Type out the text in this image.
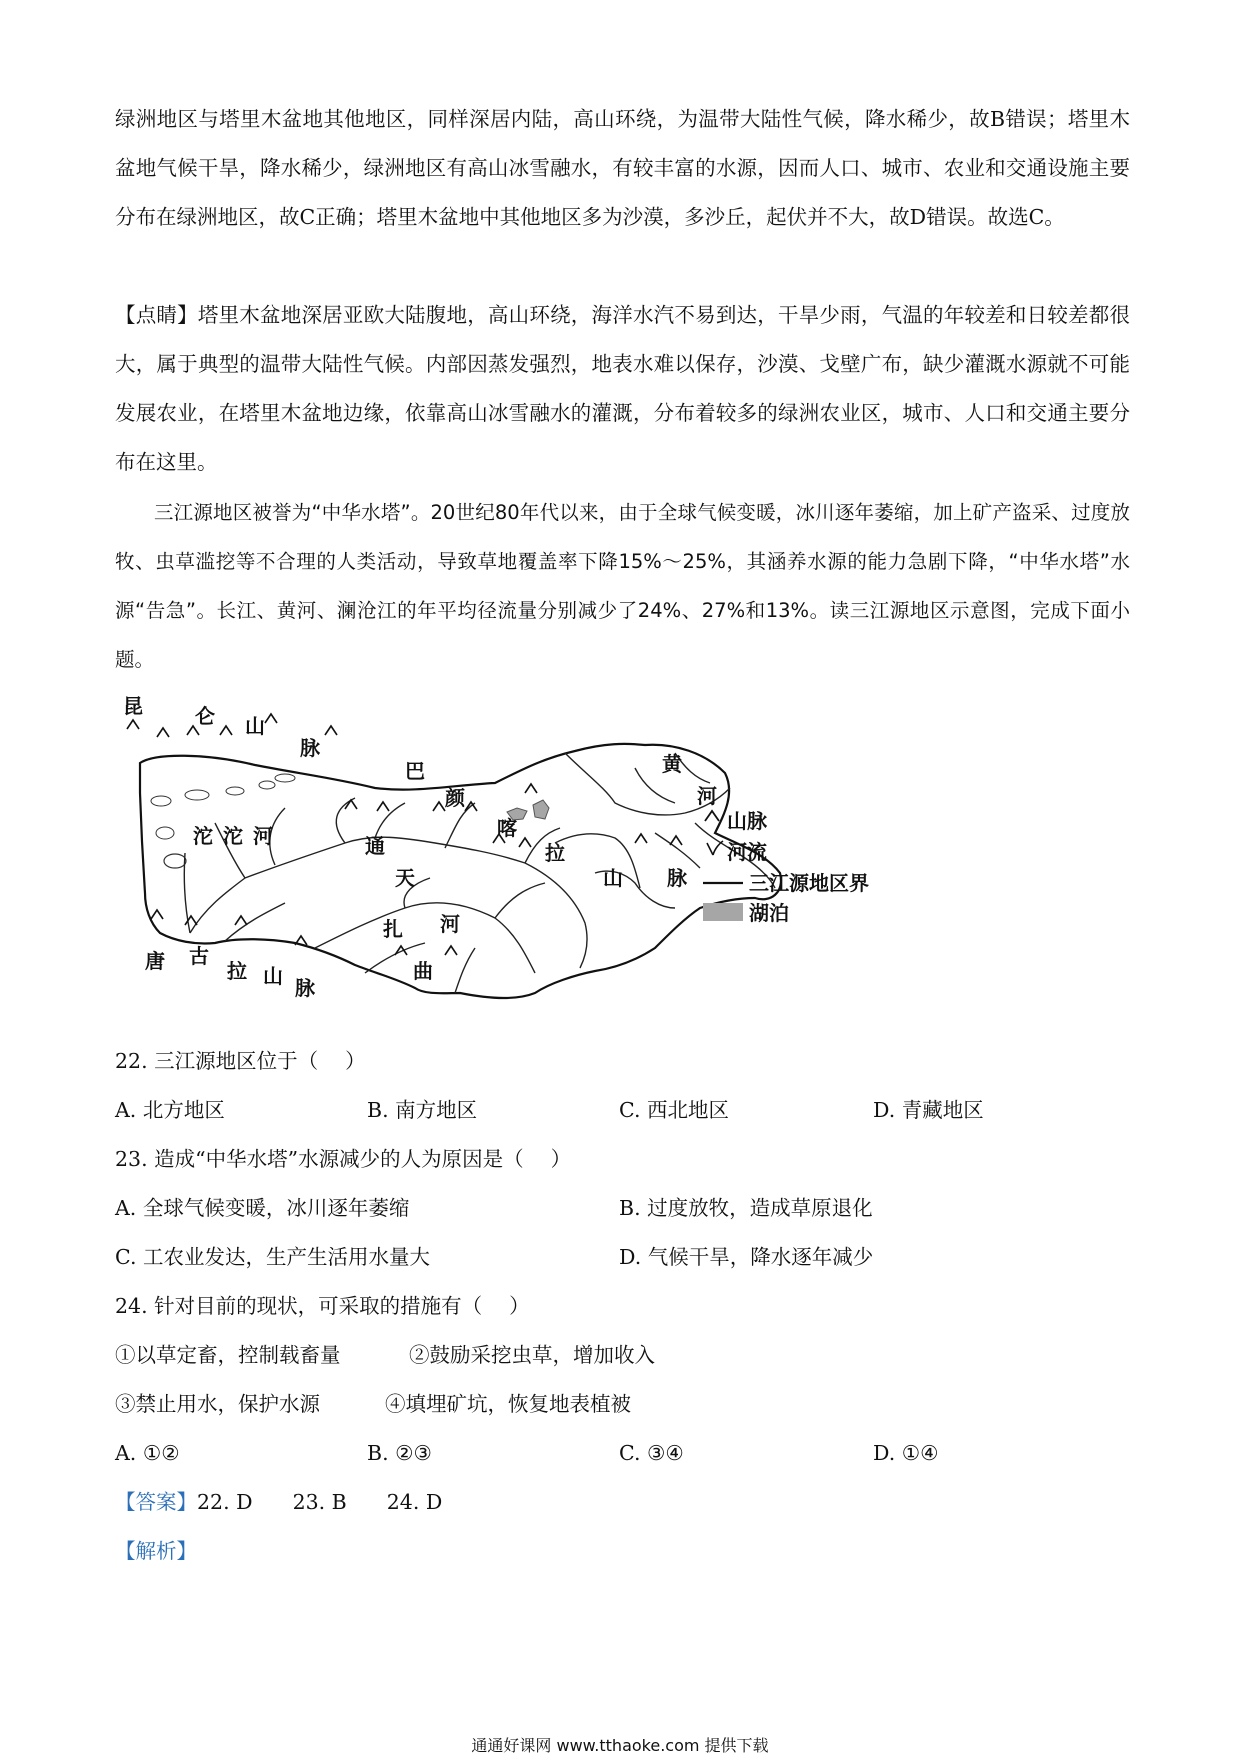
绿洲地区与塔里木盆地其他地区，同样深居内陆，高山环绕，为温带大陆性气候，降水稀少，故B错误；塔里木盆地气候干旱，降水稀少，绿洲地区有高山冰雪融水，有较丰富的水源，因而人口、城市、农业和交通设施主要分布在绿洲地区，故C正确；塔里木盆地中其他地区多为沙漠，多沙丘，起伏并不大，故D错误。故选C。
【点睛】塔里木盆地深居亚欧大陆腹地，高山环绕，海洋水汽不易到达，干旱少雨，气温的年较差和日较差都很大，属于典型的温带大陆性气候。内部因蒸发强烈，地表水难以保存，沙漠、戈壁广布，缺少灌溉水源就不可能发展农业，在塔里木盆地边缘，依靠高山冰雪融水的灌溉，分布着较多的绿洲农业区，城市、人口和交通主要分布在这里。
三江源地区被誉为“中华水塔”。20世纪80年代以来，由于全球气候变暖，冰川逐年萎缩，加上矿产盗采、过度放牧、虫草滥挖等不合理的人类活动，导致草地覆盖率下降15%～25%，其涵养水源的能力急剧下降，“中华水塔”水源“告急”。长江、黄河、澜沧江的年平均径流量分别减少了24%、27%和13%。读三江源地区示意图，完成下面小题。
昆	仑 山
脉
巴
颜
喀
拉
山 脉
沱沱河	通
天
河
扎
曲
黄
河
唐 古
拉 山 脉
山脉
河流
三江源地区界
湖泊
22. 三江源地区位于（　 ）
A. 北方地区	B. 南方地区	C. 西北地区	D. 青藏地区
23. 造成“中华水塔”水源减少的人为原因是（　 ）
A. 全球气候变暖，冰川逐年萎缩	B. 过度放牧，造成草原退化
C. 工农业发达，生产生活用水量大	D. 气候干旱，降水逐年减少
24. 针对目前的现状，可采取的措施有（　 ）
①以草定畜，控制载畜量	②鼓励采挖虫草，增加收入
③禁止用水，保护水源	④填埋矿坑，恢复地表植被
A. ①②	B. ②③	C. ③④	D. ①④
【答案】22. D 23. B 24. D
【解析】
通通好课网 www.tthaoke.com 提供下载
